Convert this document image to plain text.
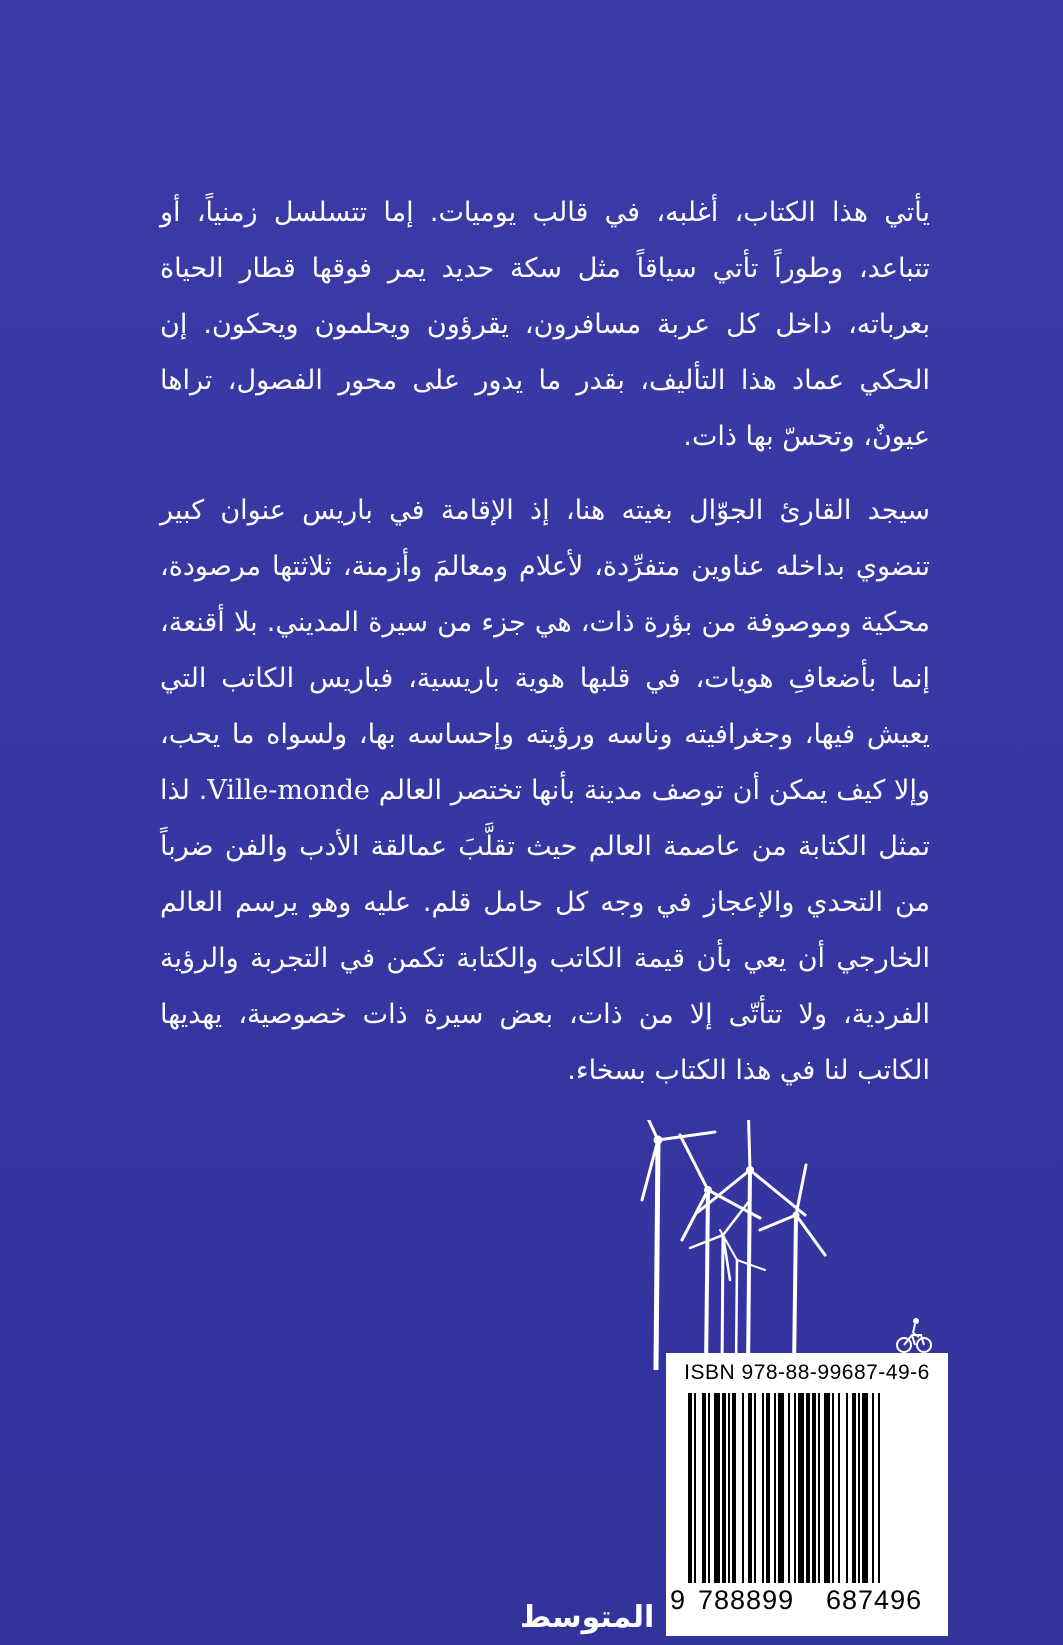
يأتي هذا الكتاب، أغلبه، في قالب يوميات. إما تتسلسل زمنياً، أو تتباعد، وطوراً تأتي سياقاً مثل سكة حديد يمر فوقها قطار الحياة بعرباته، داخل كل عربة مسافرون، يقرؤون ويحلمون ويحكون. إن الحكي عماد هذا التأليف، بقدر ما يدور على محور الفصول، تراها عيونٌ، وتحسّ بها ذات.

سيجد القارئ الجوّال بغيته هنا، إذ الإقامة في باريس عنوان كبير تنضوي بداخله عناوين متفرِّدة، لأعلام ومعالمَ وأزمنة، ثلاثتها مرصودة، محكية وموصوفة من بؤرة ذات، هي جزء من سيرة المديني. بلا أقنعة، إنما بأضعافِ هويات، في قلبها هوية باريسية، فباريس الكاتب التي يعيش فيها، وجغرافيته وناسه ورؤيته وإحساسه بها، ولسواه ما يحب، وإلا كيف يمكن أن توصف مدينة بأنها تختصر العالم Ville-monde. لذا تمثل الكتابة من عاصمة العالم حيث تقلَّبَ عمالقة الأدب والفن ضرباً من التحدي والإعجاز في وجه كل حامل قلم. عليه وهو يرسم العالم الخارجي أن يعي بأن قيمة الكاتب والكتابة تكمن في التجربة والرؤية الفردية، ولا تتأتّى إلا من ذات، بعض سيرة ذات خصوصية، يهديها الكاتب لنا في هذا الكتاب بسخاء.

ISBN 978-88-99687-49-6
9 788899 687496
المتوسط
